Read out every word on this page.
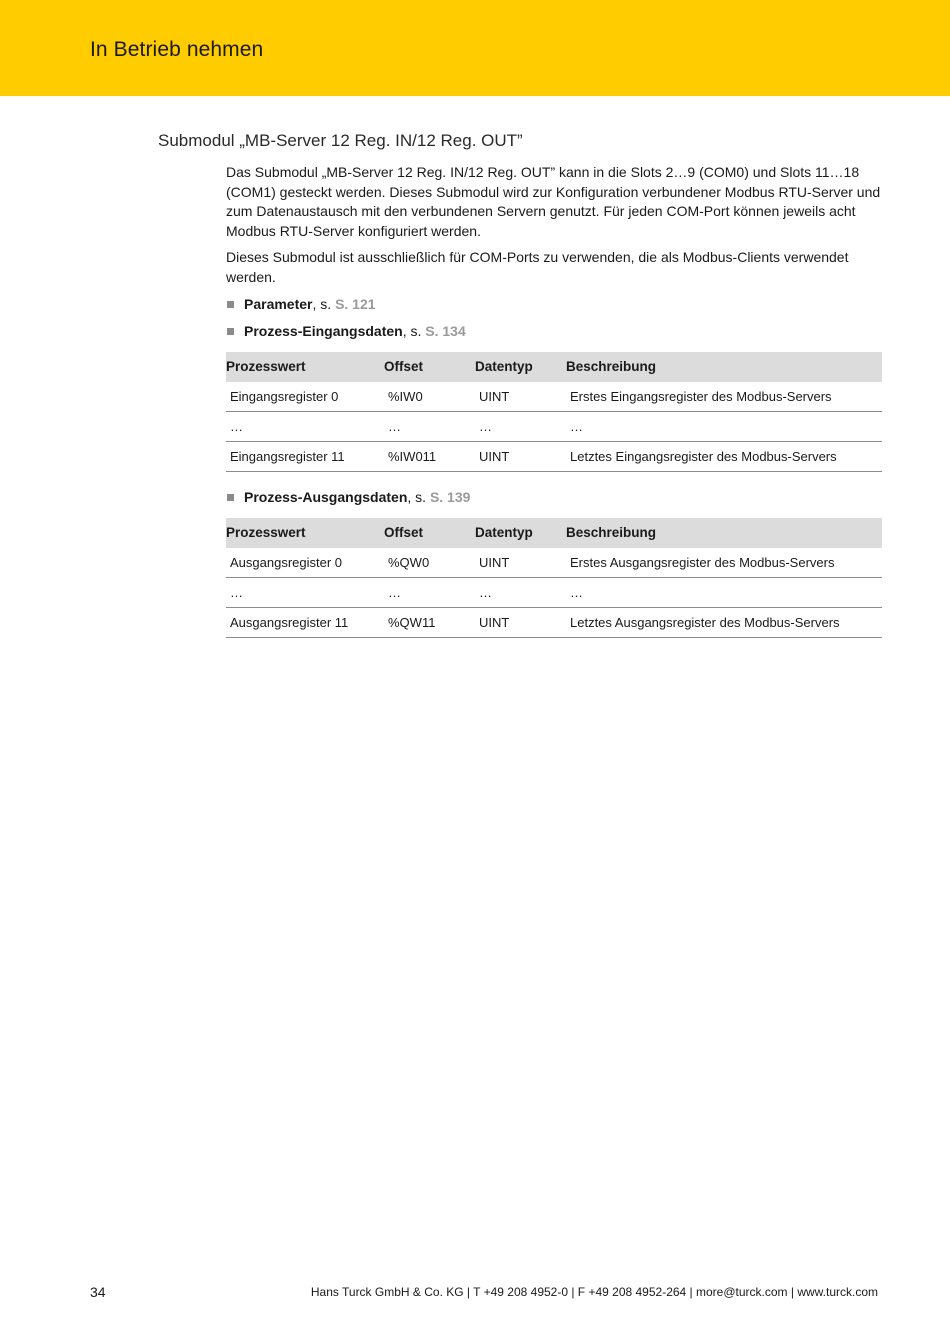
In Betrieb nehmen
Submodul „MB-Server 12 Reg. IN/12 Reg. OUT”

Das Submodul „MB-Server 12 Reg. IN/12 Reg. OUT” kann in die Slots 2…9 (COM0) und Slots 11…18 (COM1) gesteckt werden. Dieses Submodul wird zur Konfiguration verbundener Modbus RTU-Server und zum Datenaustausch mit den verbundenen Servern genutzt. Für jeden COM-Port können jeweils acht Modbus RTU-Server konfiguriert werden.

Dieses Submodul ist ausschließlich für COM-Ports zu verwenden, die als Modbus-Clients verwendet werden.

Parameter, s. S. 121
Prozess-Eingangsdaten, s. S. 134
Prozesswert	Offset	Datentyp	Beschreibung
Eingangsregister 0	%IW0	UINT	Erstes Eingangsregister des Modbus-Servers
…	…	…	…
Eingangsregister 11	%IW011	UINT	Letztes Eingangsregister des Modbus-Servers
Prozess-Ausgangsdaten, s. S. 139
Prozesswert	Offset	Datentyp	Beschreibung
Ausgangsregister 0	%QW0	UINT	Erstes Ausgangsregister des Modbus-Servers
…	…	…	…
Ausgangsregister 11	%QW11	UINT	Letztes Ausgangsregister des Modbus-Servers
34	Hans Turck GmbH & Co. KG | T +49 208 4952-0 | F +49 208 4952-264 | more@turck.com | www.turck.com
